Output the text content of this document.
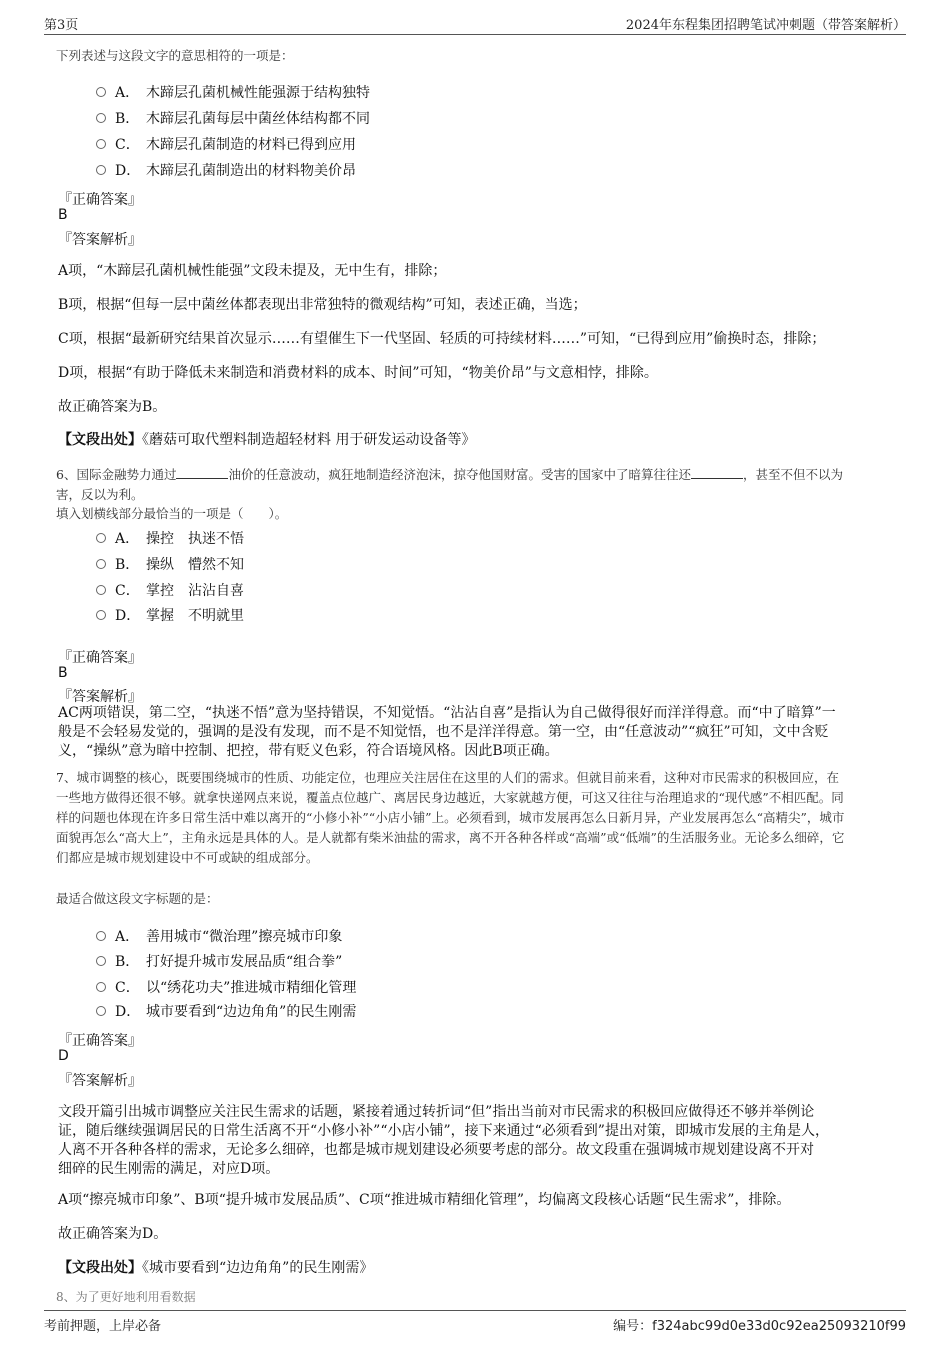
第3页	2024年东程集团招聘笔试冲刺题（带答案解析）
下列表述与这段文字的意思相符的一项是：
A． 木蹄层孔菌机械性能强源于结构独特
B． 木蹄层孔菌每层中菌丝体结构都不同
C． 木蹄层孔菌制造的材料已得到应用
D． 木蹄层孔菌制造出的材料物美价昂
『正确答案』
B
『答案解析』
A项，“木蹄层孔菌机械性能强”文段未提及，无中生有，排除；
B项，根据“但每一层中菌丝体都表现出非常独特的微观结构”可知，表述正确，当选；
C项，根据“最新研究结果首次显示……有望催生下一代坚固、轻质的可持续材料……”可知，“已得到应用”偷换时态，排除；
D项，根据“有助于降低未来制造和消费材料的成本、时间”可知，“物美价昂”与文意相悖，排除。
故正确答案为B。
【文段出处】《蘑菇可取代塑料制造超轻材料 用于研发运动设备等》
6、国际金融势力通过	油价的任意波动，疯狂地制造经济泡沫，掠夺他国财富。受害的国家中了暗算往往还	，甚至不但不以为
害，反以为利。
填入划横线部分最恰当的一项是（　　）。
A． 操控　执迷不悟
B． 操纵　懵然不知
C． 掌控　沾沾自喜
D． 掌握　不明就里
『正确答案』
B
『答案解析』
AC两项错误，第二空，“执迷不悟”意为坚持错误，不知觉悟。“沾沾自喜”是指认为自己做得很好而洋洋得意。而“中了暗算”一
般是不会轻易发觉的，强调的是没有发现，而不是不知觉悟，也不是洋洋得意。第一空，由“任意波动”“疯狂”可知，文中含贬
义，“操纵”意为暗中控制、把控，带有贬义色彩，符合语境风格。因此B项正确。
7、城市调整的核心，既要围绕城市的性质、功能定位，也理应关注居住在这里的人们的需求。但就目前来看，这种对市民需求的积极回应，在
一些地方做得还很不够。就拿快递网点来说，覆盖点位越广、离居民身边越近，大家就越方便，可这又往往与治理追求的“现代感”不相匹配。同
样的问题也体现在许多日常生活中难以离开的“小修小补”“小店小铺”上。必须看到，城市发展再怎么日新月异，产业发展再怎么“高精尖”，城市
面貌再怎么“高大上”，主角永远是具体的人。是人就都有柴米油盐的需求，离不开各种各样或“高端”或“低端”的生活服务业。无论多么细碎，它
们都应是城市规划建设中不可或缺的组成部分。
最适合做这段文字标题的是：
A． 善用城市“微治理”擦亮城市印象
B． 打好提升城市发展品质“组合拳”
C． 以“绣花功夫”推进城市精细化管理
D． 城市要看到“边边角角”的民生刚需
『正确答案』
D
『答案解析』
文段开篇引出城市调整应关注民生需求的话题，紧接着通过转折词“但”指出当前对市民需求的积极回应做得还不够并举例论
证，随后继续强调居民的日常生活离不开“小修小补”“小店小铺”，接下来通过“必须看到”提出对策，即城市发展的主角是人，
人离不开各种各样的需求，无论多么细碎，也都是城市规划建设必须要考虑的部分。故文段重在强调城市规划建设离不开对
细碎的民生刚需的满足，对应D项。
A项“擦亮城市印象”、B项“提升城市发展品质”、C项“推进城市精细化管理”，均偏离文段核心话题“民生需求”，排除。
故正确答案为D。
【文段出处】《城市要看到“边边角角”的民生刚需》
8、为了更好地利用看数据
考前押题，上岸必备	编号：f324abc99d0e33d0c92ea25093210f99
